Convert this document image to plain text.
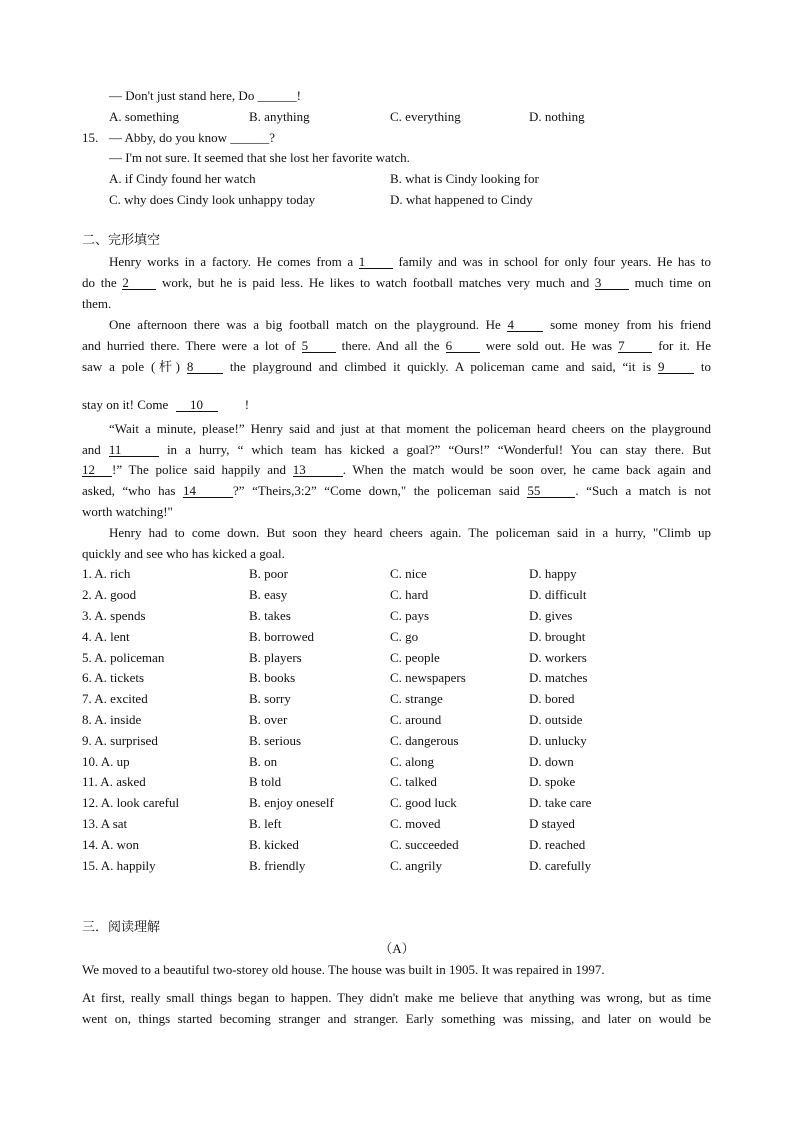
— Don't just stand here, Do ______!
A. something	B. anything	C. everything	D. nothing
15. — Abby, do you know ______?
— I'm not sure. It seemed that she lost her favorite watch.
A. if Cindy found her watch	B. what is Cindy looking for
C. why does Cindy look unhappy today	D. what happened to Cindy
二、完形填空
Henry works in a factory. He comes from a 1	family and was in school for only four years. He has to
do the 2	work, but he is paid less. He likes to watch football matches very much and 3	much time on
them.
One afternoon there was a big football match on the playground. He 4	some money from his friend
and hurried there. There were a lot of 5	there. And all the 6	were sold out. He was 7	for it. He
saw a pole (杆) 8	the playground and climbed it quickly. A policeman came and said, “it is 9	to
stay on it! Come 10	!
“Wait a minute, please!” Henry said and just at that moment the policeman heard cheers on the playground
and 11	in a hurry, “ which team has kicked a goal?” “Ours!” “Wonderful! You can stay there. But
12 !” The police said happily and 13	. When the match would be soon over, he came back again and
asked, “who has 14	?” “Theirs,3:2” “Come down," the policeman said 55	. “Such a match is not
worth watching!"
Henry had to come down. But soon they heard cheers again. The policeman said in a hurry, "Climb up
quickly and see who has kicked a goal.
1. A. rich	B. poor	C. nice	D. happy
2. A. good	B. easy	C. hard	D. difficult
3. A. spends	B. takes	C. pays	D. gives
4. A. lent	B. borrowed	C. go	D. brought
5. A. policeman	B. players	C. people	D. workers
6. A. tickets	B. books	C. newspapers	D. matches
7. A. excited	B. sorry	C. strange	D. bored
8. A. inside	B. over	C. around	D. outside
9. A. surprised	B. serious	C. dangerous	D. unlucky
10. A. up	B. on	C. along	D. down
11. A. asked	B told	C. talked	D. spoke
12. A. look careful	B. enjoy oneself	C. good luck	D. take care
13. A sat	B. left	C. moved	D stayed
14. A. won	B. kicked	C. succeeded	D. reached
15. A. happily	B. friendly	C. angrily	D. carefully
三．阅读理解
（A）
We moved to a beautiful two-storey old house. The house was built in 1905. It was repaired in 1997.
At first, really small things began to happen. They didn't make me believe that anything was wrong, but as time
went on, things started becoming stranger and stranger. Early something was missing, and later on would be
